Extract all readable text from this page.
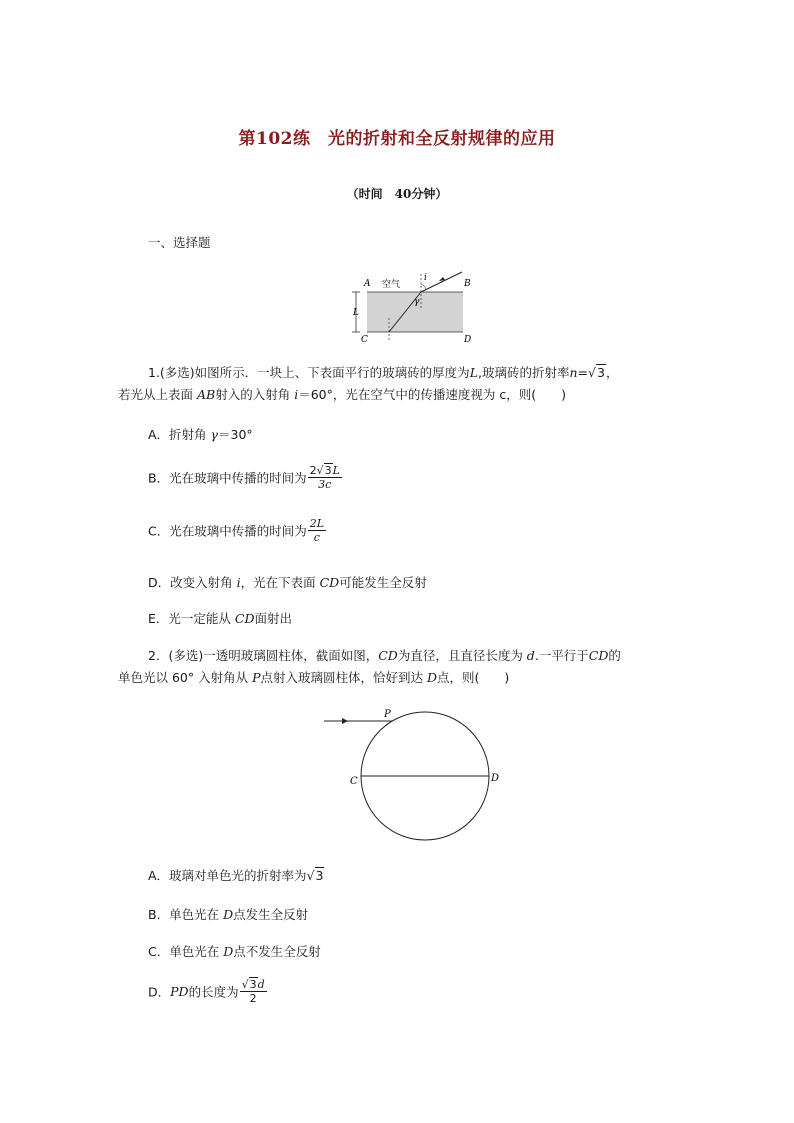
第102练　光的折射和全反射规律的应用
（时间　40分钟）
一、选择题
A	B
C	D
L
i
γ
空气
1.(多选)如图所示．一块上、下表面平行的玻璃砖的厚度为L,玻璃砖的折射率n=√3，
若光从上表面 AB射入的入射角 i＝60°，光在空气中的传播速度视为 c，则(　　)
A．折射角 γ＝30°
B．光在玻璃中传播的时间为 $\frac{2√3L}{3c}$
C．光在玻璃中传播的时间为 $\frac{2L}{c}$
D．改变入射角 i，光在下表面 CD可能发生全反射
E．光一定能从 CD面射出
2．(多选)一透明玻璃圆柱体，截面如图，CD为直径，且直径长度为 d.一平行于CD的
单色光以 60° 入射角从 P点射入玻璃圆柱体，恰好到达 D点，则(　　)
P
C	D
A．玻璃对单色光的折射率为√3
B．单色光在 D点发生全反射
C．单色光在 D点不发生全反射
D．PD的长度为 $\frac{√3d}{2}$
